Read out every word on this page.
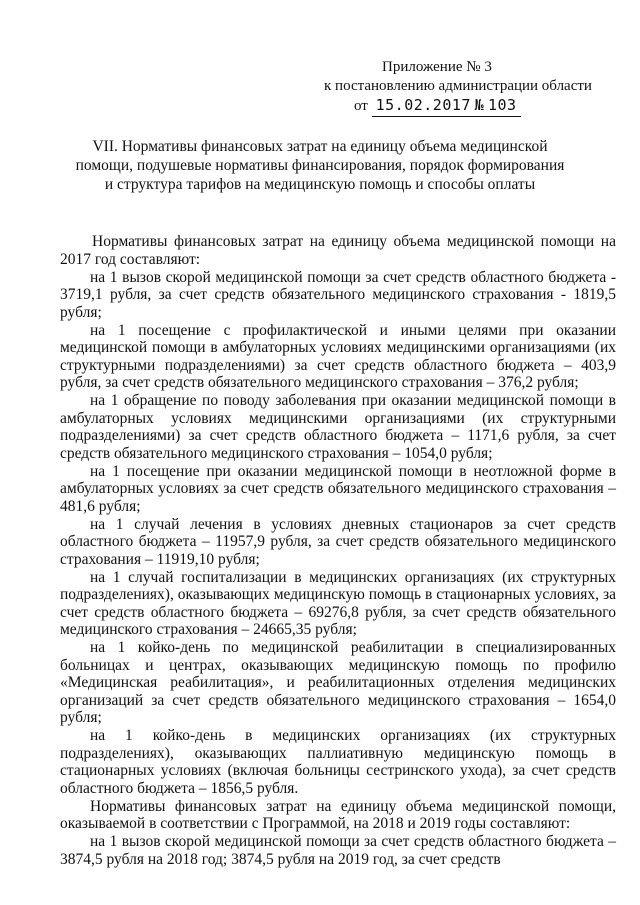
Приложение № 3
к постановлению администрации области
от 15.02.2017 № 103
VII. Нормативы финансовых затрат на единицу объема медицинской помощи, подушевые нормативы финансирования, порядок формирования и структура тарифов на медицинскую помощь и способы оплаты

Нормативы финансовых затрат на единицу объема медицинской помощи на 2017 год составляют:

на 1 вызов скорой медицинской помощи за счет средств областного бюджета - 3719,1 рубля, за счет средств обязательного медицинского страхования - 1819,5 рубля;

на 1 посещение с профилактической и иными целями при оказании медицинской помощи в амбулаторных условиях медицинскими организациями (их структурными подразделениями) за счет средств областного бюджета – 403,9 рубля, за счет средств обязательного медицинского страхования – 376,2 рубля;

на 1 обращение по поводу заболевания при оказании медицинской помощи в амбулаторных условиях медицинскими организациями (их структурными подразделениями) за счет средств областного бюджета – 1171,6 рубля, за счет средств обязательного медицинского страхования – 1054,0 рубля;

на 1 посещение при оказании медицинской помощи в неотложной форме в амбулаторных условиях за счет средств обязательного медицинского страхования – 481,6 рубля;

на 1 случай лечения в условиях дневных стационаров за счет средств областного бюджета – 11957,9 рубля, за счет средств обязательного медицинского страхования – 11919,10 рубля;

на 1 случай госпитализации в медицинских организациях (их структурных подразделениях), оказывающих медицинскую помощь в стационарных условиях, за счет средств областного бюджета – 69276,8 рубля, за счет средств обязательного медицинского страхования – 24665,35 рубля;

на 1 койко-день по медицинской реабилитации в специализированных больницах и центрах, оказывающих медицинскую помощь по профилю «Медицинская реабилитация», и реабилитационных отделения медицинских организаций за счет средств обязательного медицинского страхования – 1654,0 рубля;

на 1 койко-день в медицинских организациях (их структурных подразделениях), оказывающих паллиативную медицинскую помощь в стационарных условиях (включая больницы сестринского ухода), за счет средств областного бюджета – 1856,5 рубля.

Нормативы финансовых затрат на единицу объема медицинской помощи, оказываемой в соответствии с Программой, на 2018 и 2019 годы составляют:

на 1 вызов скорой медицинской помощи за счет средств областного бюджета – 3874,5 рубля на 2018 год; 3874,5 рубля на 2019 год, за счет средств
